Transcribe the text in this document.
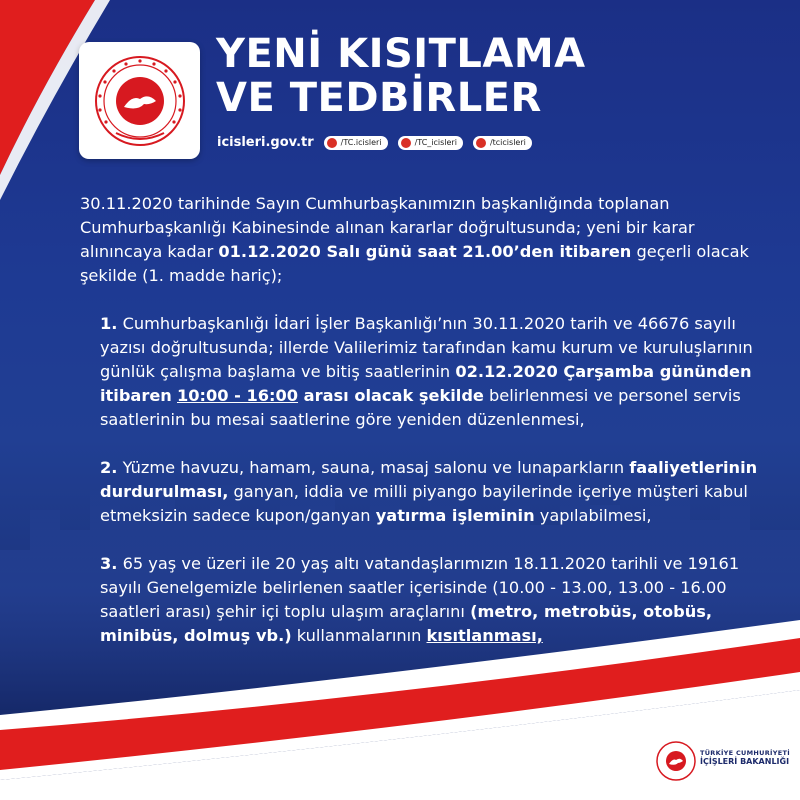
YENİ KISITLAMA
VE TEDBİRLER
icisleri.gov.tr	/TC.icisleri	/TC_icisleri	/tcicisleri

30.11.2020 tarihinde Sayın Cumhurbaşkanımızın başkanlığında toplanan Cumhurbaşkanlığı Kabinesinde alınan kararlar doğrultusunda; yeni bir karar alınıncaya kadar 01.12.2020 Salı günü saat 21.00’den itibaren geçerli olacak şekilde (1. madde hariç);

1. Cumhurbaşkanlığı İdari İşler Başkanlığı’nın 30.11.2020 tarih ve 46676 sayılı yazısı doğrultusunda; illerde Valilerimiz tarafından kamu kurum ve kuruluşlarının günlük çalışma başlama ve bitiş saatlerinin 02.12.2020 Çarşamba gününden itibaren 10:00 - 16:00 arası olacak şekilde belirlenmesi ve personel servis saatlerinin bu mesai saatlerine göre yeniden düzenlenmesi,

2. Yüzme havuzu, hamam, sauna, masaj salonu ve lunaparkların faaliyetlerinin durdurulması, ganyan, iddia ve milli piyango bayilerinde içeriye müşteri kabul etmeksizin sadece kupon/ganyan yatırma işleminin yapılabilmesi,

3. 65 yaş ve üzeri ile 20 yaş altı vatandaşlarımızın 18.11.2020 tarihli ve 19161 sayılı Genelgemizle belirlenen saatler içerisinde (10.00 - 13.00, 13.00 - 16.00 saatleri arası) şehir içi toplu ulaşım araçlarını (metro, metrobüs, otobüs, minibüs, dolmuş vb.) kullanmalarının kısıtlanması,

TÜRKİYE CUMHURİYETİ
İÇİŞLERİ BAKANLIĞI
